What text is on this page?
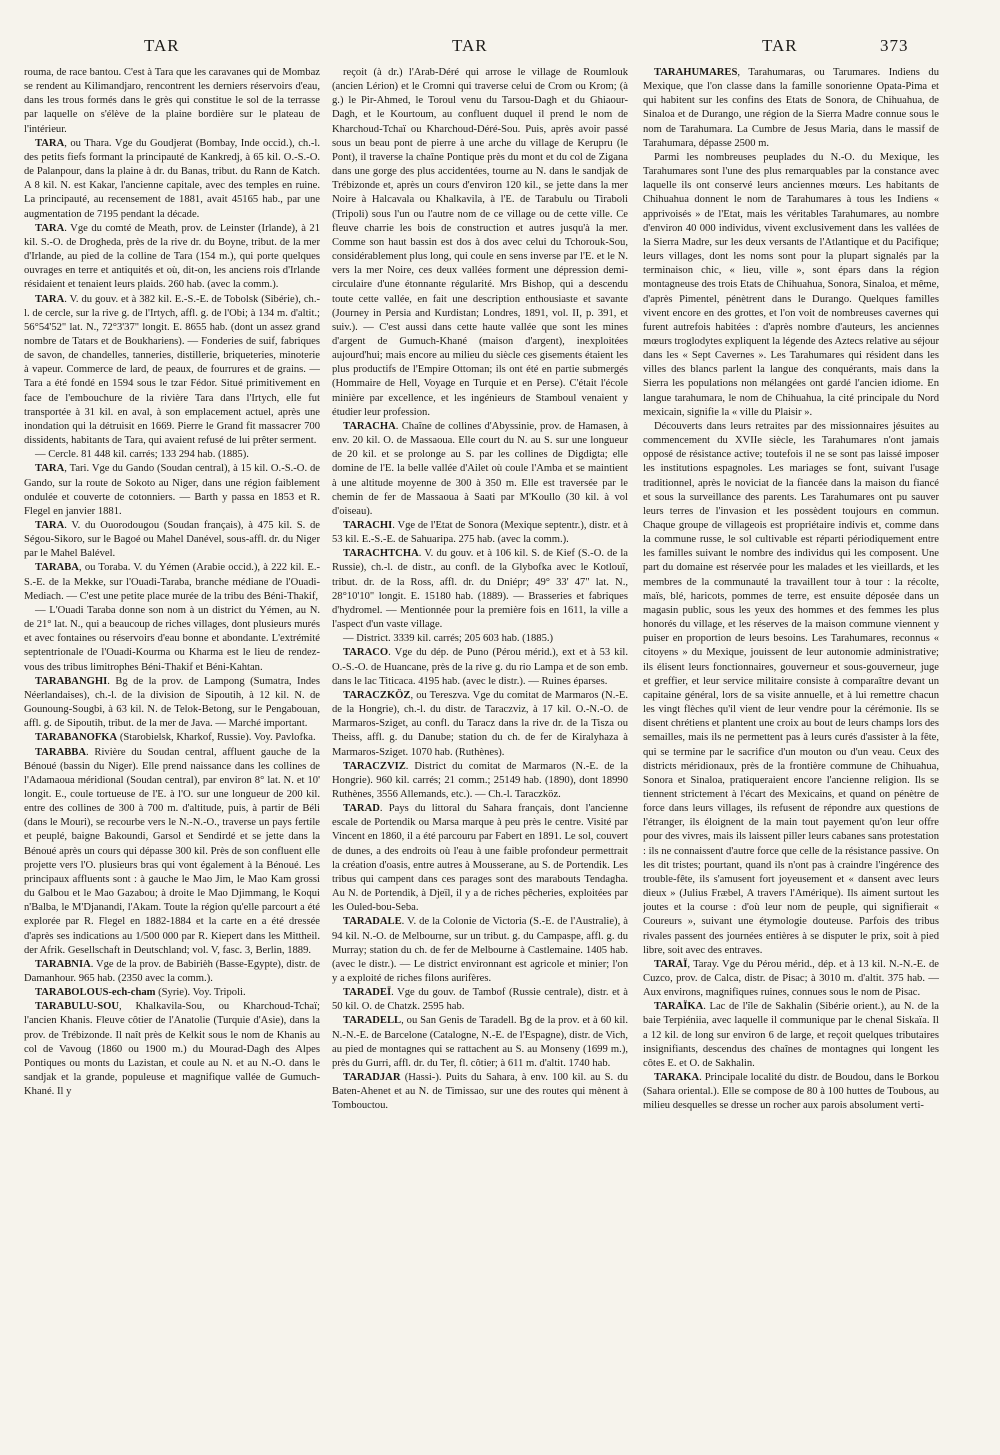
TAR	TAR	TAR	373

rouma, de race bantou. C'est à Tara que les caravanes qui de Mombaz se rendent au Kilimandjaro, rencontrent les derniers réservoirs d'eau, dans les trous formés dans le grès qui constitue le sol de la terrasse par laquelle on s'élève de la plaine bordière sur le plateau de l'intérieur.

TARA, ou Thara. Vge du Goudjerat (Bombay, Inde occid.), ch.-l. des petits fiefs formant la principauté de Kankredj, à 65 kil. O.-S.-O. de Palanpour, dans la plaine à dr. du Banas, tribut. du Rann de Katch. A 8 kil. N. est Kakar, l'ancienne capitale, avec des temples en ruine. La principauté, au recensement de 1881, avait 45165 hab., par une augmentation de 7195 pendant la décade.

TARA. Vge du comté de Meath, prov. de Leinster (Irlande), à 21 kil. S.-O. de Drogheda, près de la rive dr. du Boyne, tribut. de la mer d'Irlande, au pied de la colline de Tara (154 m.), qui porte quelques ouvrages en terre et antiquités et où, dit-on, les anciens rois d'Irlande résidaient et tenaient leurs plaids. 260 hab. (avec la comm.).

TARA. V. du gouv. et à 382 kil. E.-S.-E. de Tobolsk (Sibérie), ch.-l. de cercle, sur la rive g. de l'Irtych, affl. g. de l'Obi; à 134 m. d'altit.; 56°54'52" lat. N., 72°3'37" longit. E. 8655 hab. (dont un assez grand nombre de Tatars et de Boukhariens). — Fonderies de suif, fabriques de savon, de chandelles, tanneries, distillerie, briqueteries, minoterie à vapeur. Commerce de lard, de peaux, de fourrures et de grains. — Tara a été fondé en 1594 sous le tzar Fédor. Situé primitivement en face de l'embouchure de la rivière Tara dans l'Irtych, elle fut transportée à 31 kil. en aval, à son emplacement actuel, après une inondation qui la détruisit en 1669. Pierre le Grand fit massacrer 700 dissidents, habitants de Tara, qui avaient refusé de lui prêter serment.

— Cercle. 81 448 kil. carrés; 133 294 hab. (1885).

TARA, Tari. Vge du Gando (Soudan central), à 15 kil. O.-S.-O. de Gando, sur la route de Sokoto au Niger, dans une région faiblement ondulée et couverte de cotonniers. — Barth y passa en 1853 et R. Flegel en janvier 1881.

TARA. V. du Ouorodougou (Soudan français), à 475 kil. S. de Ségou-Sikoro, sur le Bagoé ou Mahel Danével, sous-affl. dr. du Niger par le Mahel Balével.

TARABA, ou Toraba. V. du Yémen (Arabie occid.), à 222 kil. E.-S.-E. de la Mekke, sur l'Ouadi-Taraba, branche médiane de l'Ouadi-Mediach. — C'est une petite place murée de la tribu des Béni-Thakif,

— L'Ouadi Taraba donne son nom à un district du Yémen, au N. de 21° lat. N., qui a beaucoup de riches villages, dont plusieurs murés et avec fontaines ou réservoirs d'eau bonne et abondante. L'extrémité septentrionale de l'Ouadi-Kourma ou Kharma est le lieu de rendez-vous des tribus limitrophes Béni-Thakif et Béni-Kahtan.

TARABANGHI. Bg de la prov. de Lampong (Sumatra, Indes Néerlandaises), ch.-l. de la division de Sipoutih, à 12 kil. N. de Gounoung-Sougbi, à 63 kil. N. de Telok-Betong, sur le Pengabouan, affl. g. de Sipoutih, tribut. de la mer de Java. — Marché important.

TARABANOFKA (Starobielsk, Kharkof, Russie). Voy. Pavlofka.

TARABBA. Rivière du Soudan central, affluent gauche de la Bénoué (bassin du Niger). Elle prend naissance dans les collines de l'Adamaoua méridional (Soudan central), par environ 8° lat. N. et 10' longit. E., coule tortueuse de l'E. à l'O. sur une longueur de 200 kil. entre des collines de 300 à 700 m. d'altitude, puis, à partir de Béli (dans le Mouri), se recourbe vers le N.-N.-O., traverse un pays fertile et peuplé, baigne Bakoundi, Garsol et Sendirdé et se jette dans la Bénoué après un cours qui dépasse 300 kil. Près de son confluent elle projette vers l'O. plusieurs bras qui vont également à la Bénoué. Les principaux affluents sont : à gauche le Mao Jim, le Mao Kam grossi du Galbou et le Mao Gazabou; à droite le Mao Djimmang, le Koqui n'Balba, le M'Djanandi, l'Akam. Toute la région qu'elle parcourt a été explorée par R. Flegel en 1882-1884 et la carte en a été dressée d'après ses indications au 1/500 000 par R. Kiepert dans les Mittheil. der Afrik. Gesellschaft in Deutschland; vol. V, fasc. 3, Berlin, 1889.

TARABNIA. Vge de la prov. de Babirièh (Basse-Egypte), distr. de Damanhour. 965 hab. (2350 avec la comm.).

TARABOLOUS-ech-cham (Syrie). Voy. Tripoli.

TARABULU-SOU, Khalkavila-Sou, ou Kharchoud-Tchaï; l'ancien Khanis. Fleuve côtier de l'Anatolie (Turquie d'Asie), dans la prov. de Trébizonde. Il naît près de Kelkit sous le nom de Khanis au col de Vavoug (1860 ou 1900 m.) du Mourad-Dagh des Alpes Pontiques ou monts du Lazistan, et coule au N. et au N.-O. dans le sandjak et la grande, populeuse et magnifique vallée de Gumuch-Khané. Il y

reçoit (à dr.) l'Arab-Déré qui arrose le village de Roumlouk (ancien Lérion) et le Cromni qui traverse celui de Crom ou Krom; (à g.) le Pir-Ahmed, le Toroul venu du Tarsou-Dagh et du Ghiaour-Dagh, et le Kourtoum, au confluent duquel il prend le nom de Kharchoud-Tchaï ou Kharchoud-Déré-Sou. Puis, après avoir passé sous un beau pont de pierre à une arche du village de Kerupru (le Pont), il traverse la chaîne Pontique près du mont et du col de Zigana dans une gorge des plus accidentées, tourne au N. dans le sandjak de Trébizonde et, après un cours d'environ 120 kil., se jette dans la mer Noire à Halcavala ou Khalkavila, à l'E. de Tarabulu ou Tiraboli (Tripoli) sous l'un ou l'autre nom de ce village ou de cette ville. Ce fleuve charrie les bois de construction et autres jusqu'à la mer. Comme son haut bassin est dos à dos avec celui du Tchorouk-Sou, considérablement plus long, qui coule en sens inverse par l'E. et le N. vers la mer Noire, ces deux vallées forment une dépression demi-circulaire d'une étonnante régularité. Mrs Bishop, qui a descendu toute cette vallée, en fait une description enthousiaste et savante (Journey in Persia and Kurdistan; Londres, 1891, vol. II, p. 391, et suiv.). — C'est aussi dans cette haute vallée que sont les mines d'argent de Gumuch-Khané (maison d'argent), inexploitées aujourd'hui; mais encore au milieu du siècle ces gisements étaient les plus productifs de l'Empire Ottoman; ils ont été en partie submergés (Hommaire de Hell, Voyage en Turquie et en Perse). C'était l'école minière par excellence, et les ingénieurs de Stamboul venaient y étudier leur profession.

TARACHA. Chaîne de collines d'Abyssinie, prov. de Hamasen, à env. 20 kil. O. de Massaoua. Elle court du N. au S. sur une longueur de 20 kil. et se prolonge au S. par les collines de Digdigta; elle domine de l'E. la belle vallée d'Ailet où coule l'Amba et se maintient à une altitude moyenne de 300 à 350 m. Elle est traversée par le chemin de fer de Massaoua à Saati par M'Koullo (30 kil. à vol d'oiseau).

TARACHI. Vge de l'Etat de Sonora (Mexique septentr.), distr. et à 53 kil. E.-S.-E. de Sahuaripa. 275 hab. (avec la comm.).

TARACHTCHA. V. du gouv. et à 106 kil. S. de Kief (S.-O. de la Russie), ch.-l. de distr., au confl. de la Glybofka avec le Kotlouï, tribut. dr. de la Ross, affl. dr. du Dniépr; 49° 33' 47" lat. N., 28°10'10" longit. E. 15180 hab. (1889). — Brasseries et fabriques d'hydromel. — Mentionnée pour la première fois en 1611, la ville a l'aspect d'un vaste village.

— District. 3339 kil. carrés; 205 603 hab. (1885.)

TARACO. Vge du dép. de Puno (Pérou mérid.), ext et à 53 kil. O.-S.-O. de Huancane, près de la rive g. du rio Lampa et de son emb. dans le lac Titicaca. 4195 hab. (avec le distr.). — Ruines éparses.

TARACZKÖZ, ou Tereszva. Vge du comitat de Marmaros (N.-E. de la Hongrie), ch.-l. du distr. de Taraczviz, à 17 kil. O.-N.-O. de Marmaros-Sziget, au confl. du Taracz dans la rive dr. de la Tisza ou Theiss, affl. g. du Danube; station du ch. de fer de Kiralyhaza à Marmaros-Sziget. 1070 hab. (Ruthènes).

TARACZVIZ. District du comitat de Marmaros (N.-E. de la Hongrie). 960 kil. carrés; 21 comm.; 25149 hab. (1890), dont 18990 Ruthènes, 3556 Allemands, etc.). — Ch.-l. Taraczköz.

TARAD. Pays du littoral du Sahara français, dont l'ancienne escale de Portendik ou Marsa marque à peu près le centre. Visité par Vincent en 1860, il a été parcouru par Fabert en 1891. Le sol, couvert de dunes, a des endroits où l'eau à une faible profondeur permettrait la création d'oasis, entre autres à Mousserane, au S. de Portendik. Les tribus qui campent dans ces parages sont des marabouts Tendagha. Au N. de Portendik, à Djeïl, il y a de riches pêcheries, exploitées par les Ouled-bou-Seba.

TARADALE. V. de la Colonie de Victoria (S.-E. de l'Australie), à 94 kil. N.-O. de Melbourne, sur un tribut. g. du Campaspe, affl. g. du Murray; station du ch. de fer de Melbourne à Castlemaine. 1405 hab. (avec le distr.). — Le district environnant est agricole et minier; l'on y a exploité de riches filons aurifères.

TARADEÏ. Vge du gouv. de Tambof (Russie centrale), distr. et à 50 kil. O. de Chatzk. 2595 hab.

TARADELL, ou San Genis de Taradell. Bg de la prov. et à 60 kil. N.-N.-E. de Barcelone (Catalogne, N.-E. de l'Espagne), distr. de Vich, au pied de montagnes qui se rattachent au S. au Monseny (1699 m.), près du Gurri, affl. dr. du Ter, fl. côtier; à 611 m. d'altit. 1740 hab.

TARADJAR (Hassi-). Puits du Sahara, à env. 100 kil. au S. du Baten-Ahenet et au N. de Timissao, sur une des routes qui mènent à Tombouctou.

TARAHUMARES, Tarahumaras, ou Tarumares. Indiens du Mexique, que l'on classe dans la famille sonorienne Opata-Pima et qui habitent sur les confins des Etats de Sonora, de Chihuahua, de Sinaloa et de Durango, une région de la Sierra Madre connue sous le nom de Tarahumara. La Cumbre de Jesus Maria, dans le massif de Tarahumara, dépasse 2500 m.

Parmi les nombreuses peuplades du N.-O. du Mexique, les Tarahumares sont l'une des plus remarquables par la constance avec laquelle ils ont conservé leurs anciennes mœurs. Les habitants de Chihuahua donnent le nom de Tarahumares à tous les Indiens « apprivoisés » de l'Etat, mais les véritables Tarahumares, au nombre d'environ 40 000 individus, vivent exclusivement dans les vallées de la Sierra Madre, sur les deux versants de l'Atlantique et du Pacifique; leurs villages, dont les noms sont pour la plupart signalés par la terminaison chic, « lieu, ville », sont épars dans la région montagneuse des trois Etats de Chihuahua, Sonora, Sinaloa, et même, d'après Pimentel, pénètrent dans le Durango. Quelques familles vivent encore en des grottes, et l'on voit de nombreuses cavernes qui furent autrefois habitées : d'après nombre d'auteurs, les anciennes mœurs troglodytes expliquent la légende des Aztecs relative au séjour dans les « Sept Cavernes ». Les Tarahumares qui résident dans les villes des blancs parlent la langue des conquérants, mais dans la Sierra les populations non mélangées ont gardé l'ancien idiome. En langue tarahumara, le nom de Chihuahua, la cité principale du Nord mexicain, signifie la « ville du Plaisir ».

Découverts dans leurs retraites par des missionnaires jésuites au commencement du XVIIe siècle, les Tarahumares n'ont jamais opposé de résistance active; toutefois il ne se sont pas laissé imposer les institutions espagnoles. Les mariages se font, suivant l'usage traditionnel, après le noviciat de la fiancée dans la maison du fiancé et sous la surveillance des parents. Les Tarahumares ont pu sauver leurs terres de l'invasion et les possèdent toujours en commun. Chaque groupe de villageois est propriétaire indivis et, comme dans la commune russe, le sol cultivable est réparti périodiquement entre les familles suivant le nombre des individus qui les composent. Une part du domaine est réservée pour les malades et les vieillards, et les membres de la communauté la travaillent tour à tour : la récolte, maïs, blé, haricots, pommes de terre, est ensuite déposée dans un magasin public, sous les yeux des hommes et des femmes les plus honorés du village, et les réserves de la maison commune viennent y puiser en proportion de leurs besoins. Les Tarahumares, reconnus « citoyens » du Mexique, jouissent de leur autonomie administrative; ils élisent leurs fonctionnaires, gouverneur et sous-gouverneur, juge et greffier, et leur service militaire consiste à comparaître devant un capitaine général, lors de sa visite annuelle, et à lui remettre chacun les vingt flèches qu'il vient de leur vendre pour la cérémonie. Ils se disent chrétiens et plantent une croix au bout de leurs champs lors des semailles, mais ils ne permettent pas à leurs curés d'assister à la fête, qui se termine par le sacrifice d'un mouton ou d'un veau. Ceux des districts méridionaux, près de la frontière commune de Chihuahua, Sonora et Sinaloa, pratiqueraient encore l'ancienne religion. Ils se tiennent strictement à l'écart des Mexicains, et quand on pénètre de force dans leurs villages, ils refusent de répondre aux questions de l'étranger, ils éloignent de la main tout payement qu'on leur offre pour des vivres, mais ils laissent piller leurs cabanes sans protestation : ils ne connaissent d'autre force que celle de la résistance passive. On les dit tristes; pourtant, quand ils n'ont pas à craindre l'ingérence des trouble-fête, ils s'amusent fort joyeusement et « dansent avec leurs dieux » (Julius Fræbel, A travers l'Amérique). Ils aiment surtout les joutes et la course : d'où leur nom de peuple, qui signifierait « Coureurs », suivant une étymologie douteuse. Parfois des tribus rivales passent des journées entières à se disputer le prix, soit à pied libre, soit avec des entraves.

TARAÏ, Taray. Vge du Pérou mérid., dép. et à 13 kil. N.-N.-E. de Cuzco, prov. de Calca, distr. de Pisac; à 3010 m. d'altit. 375 hab. — Aux environs, magnifiques ruines, connues sous le nom de Pisac.

TARAÏKA. Lac de l'île de Sakhalin (Sibérie orient.), au N. de la baie Terpiéniia, avec laquelle il communique par le chenal Siskaïa. Il a 12 kil. de long sur environ 6 de large, et reçoit quelques tributaires insignifiants, descendus des chaînes de montagnes qui longent les côtes E. et O. de Sakhalin.

TARAKA. Principale localité du distr. de Boudou, dans le Borkou (Sahara oriental.). Elle se compose de 80 à 100 huttes de Toubous, au milieu desquelles se dresse un rocher aux parois absolument verti-
